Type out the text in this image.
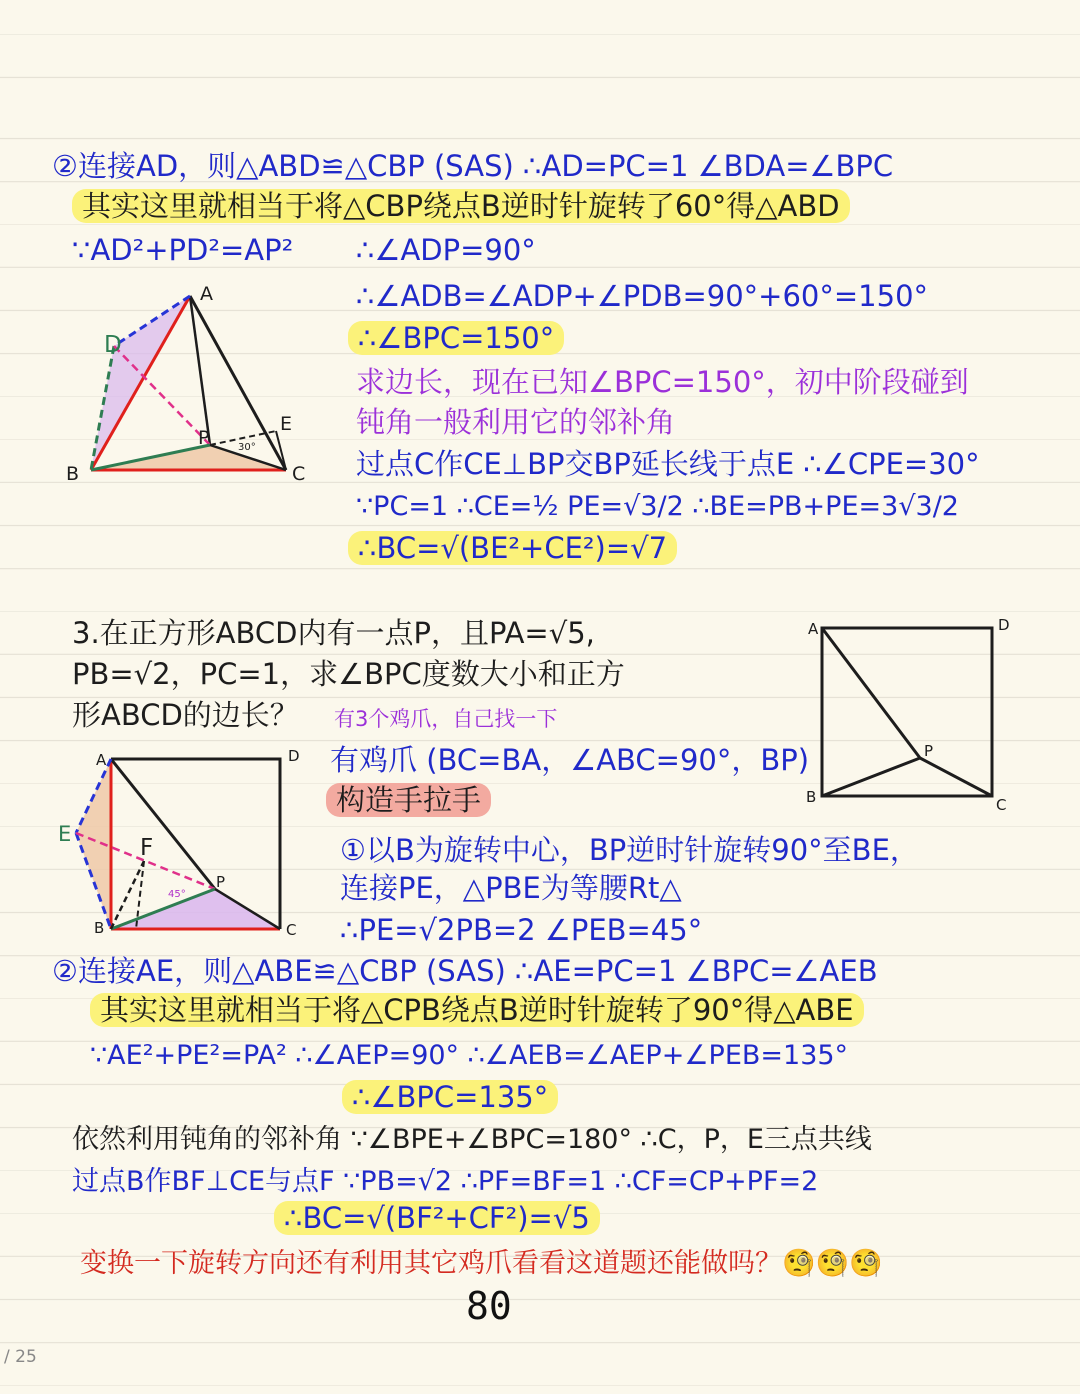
②连接AD，则△ABD≌△CBP (SAS) ∴AD=PC=1 ∠BDA=∠BPC
其实这里就相当于将△CBP绕点B逆时针旋转了60°得△ABD
∵AD²+PD²=AP² ∴∠ADP=90°
∴∠ADB=∠ADP+∠PDB=90°+60°=150°
∴∠BPC=150°
求边长，现在已知∠BPC=150°，初中阶段碰到
钝角一般利用它的邻补角
过点C作CE⊥BP交BP延长线于点E ∴∠CPE=30°
∵PC=1 ∴CE=½ PE=√3/2 ∴BE=PB+PE=3√3/2
∴BC=√(BE²+CE²)=√7
A
D
B	C
P
E
30°
3.在正方形ABCD内有一点P，且PA=√5,
PB=√2，PC=1，求∠BPC度数大小和正方
形ABCD的边长？ 有3个鸡爪，自己找一下
A	D
B	C
P
A	D
E
B	C
F
P
45°
有鸡爪 (BC=BA，∠ABC=90°，BP)
构造手拉手
①以B为旋转中心，BP逆时针旋转90°至BE，
连接PE，△PBE为等腰Rt△
∴PE=√2PB=2 ∠PEB=45°
②连接AE，则△ABE≌△CBP (SAS) ∴AE=PC=1 ∠BPC=∠AEB
其实这里就相当于将△CPB绕点B逆时针旋转了90°得△ABE
∵AE²+PE²=PA² ∴∠AEP=90° ∴∠AEB=∠AEP+∠PEB=135°
∴∠BPC=135°
依然利用钝角的邻补角 ∵∠BPE+∠BPC=180° ∴C，P，E三点共线
过点B作BF⊥CE与点F ∵PB=√2 ∴PF=BF=1 ∴CF=CP+PF=2
∴BC=√(BF²+CF²)=√5
变换一下旋转方向还有利用其它鸡爪看看这道题还能做吗？🧐🧐🧐
80
/ 25
